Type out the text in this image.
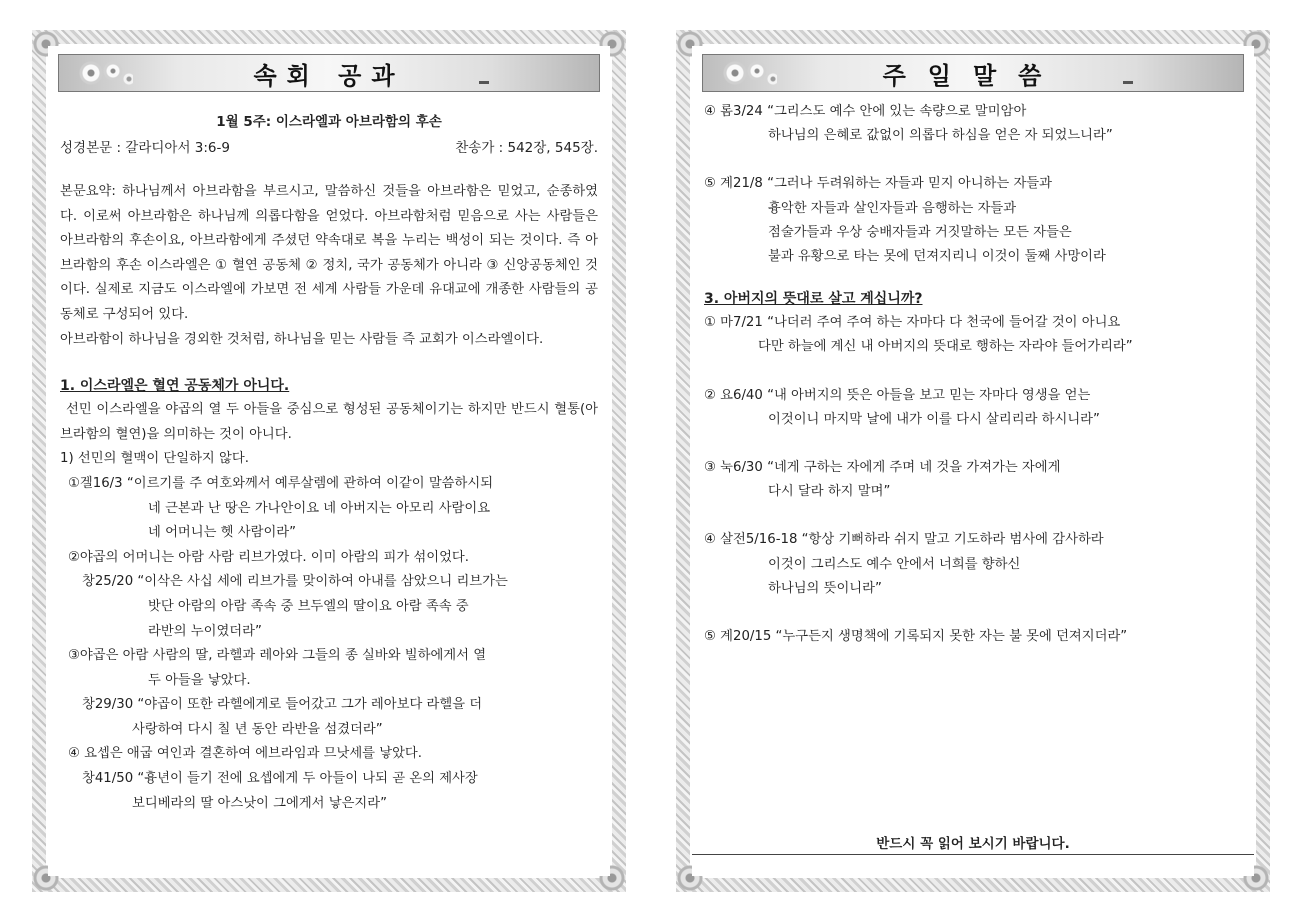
속회 공과
1월 5주: 이스라엘과 아브라함의 후손
성경본문 : 갈라디아서 3:6-9	찬송가 : 542장, 545장.
본문요약: 하나님께서 아브라함을 부르시고, 말씀하신 것들을 아브라함은 믿었고, 순종하였다. 이로써 아브라함은 하나님께 의롭다함을 얻었다. 아브라함처럼 믿음으로 사는 사람들은 아브라함의 후손이요, 아브라함에게 주셨던 약속대로 복을 누리는 백성이 되는 것이다. 즉 아브라함의 후손 이스라엘은 ① 혈연 공동체 ② 정치, 국가 공동체가 아니라 ③ 신앙공동체인 것이다. 실제로 지금도 이스라엘에 가보면 전 세계 사람들 가운데 유대교에 개종한 사람들의 공동체로 구성되어 있다.
아브라함이 하나님을 경외한 것처럼, 하나님을 믿는 사람들 즉 교회가 이스라엘이다.
1. 이스라엘은 혈연 공동체가 아니다.
선민 이스라엘을 야곱의 열 두 아들을 중심으로 형성된 공동체이기는 하지만 반드시 혈통(아브라함의 혈연)을 의미하는 것이 아니다.
1) 선민의 혈맥이 단일하지 않다.
①겔16/3 “이르기를 주 여호와께서 예루살렘에 관하여 이같이 말씀하시되
네 근본과 난 땅은 가나안이요 네 아버지는 아모리 사람이요
네 어머니는 헷 사람이라”
②야곱의 어머니는 아람 사람 리브가였다. 이미 아람의 피가 섞이었다.
창25/20 “이삭은 사십 세에 리브가를 맞이하여 아내를 삼았으니 리브가는
밧단 아람의 아람 족속 중 브두엘의 딸이요 아람 족속 중
라반의 누이였더라”
③야곱은 아람 사람의 딸, 라헬과 레아와 그들의 종 실바와 빌하에게서 열
두 아들을 낳았다.
창29/30 “야곱이 또한 라헬에게로 들어갔고 그가 레아보다 라헬을 더
사랑하여 다시 칠 년 동안 라반을 섬겼더라”
④ 요셉은 애굽 여인과 결혼하여 에브라임과 므낫세를 낳았다.
창41/50 “흉년이 들기 전에 요셉에게 두 아들이 나되 곧 온의 제사장
보디베라의 딸 아스낫이 그에게서 낳은지라”
주일말씀
④ 롬3/24 “그리스도 예수 안에 있는 속량으로 말미암아
하나님의 은혜로 값없이 의롭다 하심을 얻은 자 되었느니라”
⑤ 계21/8 “그러나 두려워하는 자들과 믿지 아니하는 자들과
흉악한 자들과 살인자들과 음행하는 자들과
점술가들과 우상 숭배자들과 거짓말하는 모든 자들은
불과 유황으로 타는 못에 던져지리니 이것이 둘째 사망이라
3. 아버지의 뜻대로 살고 계십니까?
① 마7/21 “나더러 주여 주여 하는 자마다 다 천국에 들어갈 것이 아니요
다만 하늘에 계신 내 아버지의 뜻대로 행하는 자라야 들어가리라”
② 요6/40 “내 아버지의 뜻은 아들을 보고 믿는 자마다 영생을 얻는
이것이니 마지막 날에 내가 이를 다시 살리리라 하시니라”
③ 눅6/30 “네게 구하는 자에게 주며 네 것을 가져가는 자에게
다시 달라 하지 말며”
④ 살전5/16-18 “항상 기뻐하라 쉬지 말고 기도하라 범사에 감사하라
이것이 그리스도 예수 안에서 너희를 향하신
하나님의 뜻이니라”
⑤ 계20/15 “누구든지 생명책에 기록되지 못한 자는 불 못에 던져지더라”
반드시 꼭 읽어 보시기 바랍니다.
